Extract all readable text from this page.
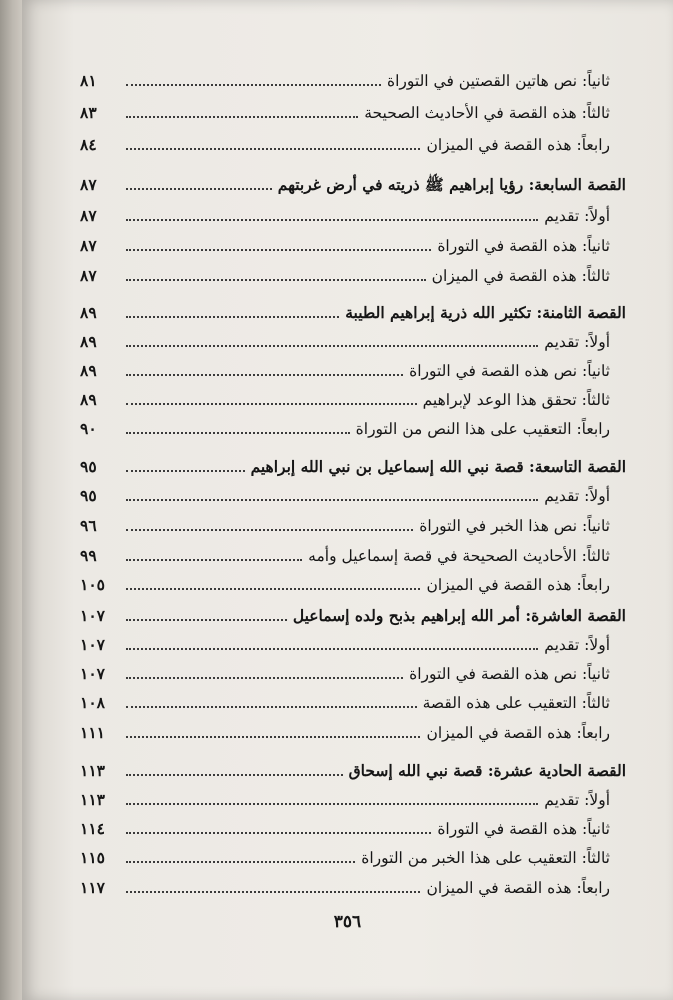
ثانياً: نص هاتين القصتين في التوراة
٨١
ثالثاً: هذه القصة في الأحاديث الصحيحة
٨٣
رابعاً: هذه القصة في الميزان
٨٤
القصة السابعة: رؤيا إبراهيم ﷺ ذريته في أرض غربتهم
٨٧
أولاً: تقديم
٨٧
ثانياً: هذه القصة في التوراة
٨٧
ثالثاً: هذه القصة في الميزان
٨٧
القصة الثامنة: تكثير الله ذرية إبراهيم الطيبة
٨٩
أولاً: تقديم
٨٩
ثانياً: نص هذه القصة في التوراة
٨٩
ثالثاً: تحقق هذا الوعد لإبراهيم
٨٩
رابعاً: التعقيب على هذا النص من التوراة
٩٠
القصة التاسعة: قصة نبي الله إسماعيل بن نبي الله إبراهيم
٩٥
أولاً: تقديم
٩٥
ثانياً: نص هذا الخبر في التوراة
٩٦
ثالثاً: الأحاديث الصحيحة في قصة إسماعيل وأمه
٩٩
رابعاً: هذه القصة في الميزان
١٠٥
القصة العاشرة: أمر الله إبراهيم بذبح ولده إسماعيل
١٠٧
أولاً: تقديم
١٠٧
ثانياً: نص هذه القصة في التوراة
١٠٧
ثالثاً: التعقيب على هذه القصة
١٠٨
رابعاً: هذه القصة في الميزان
١١١
القصة الحادية عشرة: قصة نبي الله إسحاق
١١٣
أولاً: تقديم
١١٣
ثانياً: هذه القصة في التوراة
١١٤
ثالثاً: التعقيب على هذا الخبر من التوراة
١١٥
رابعاً: هذه القصة في الميزان
١١٧
٣٥٦
